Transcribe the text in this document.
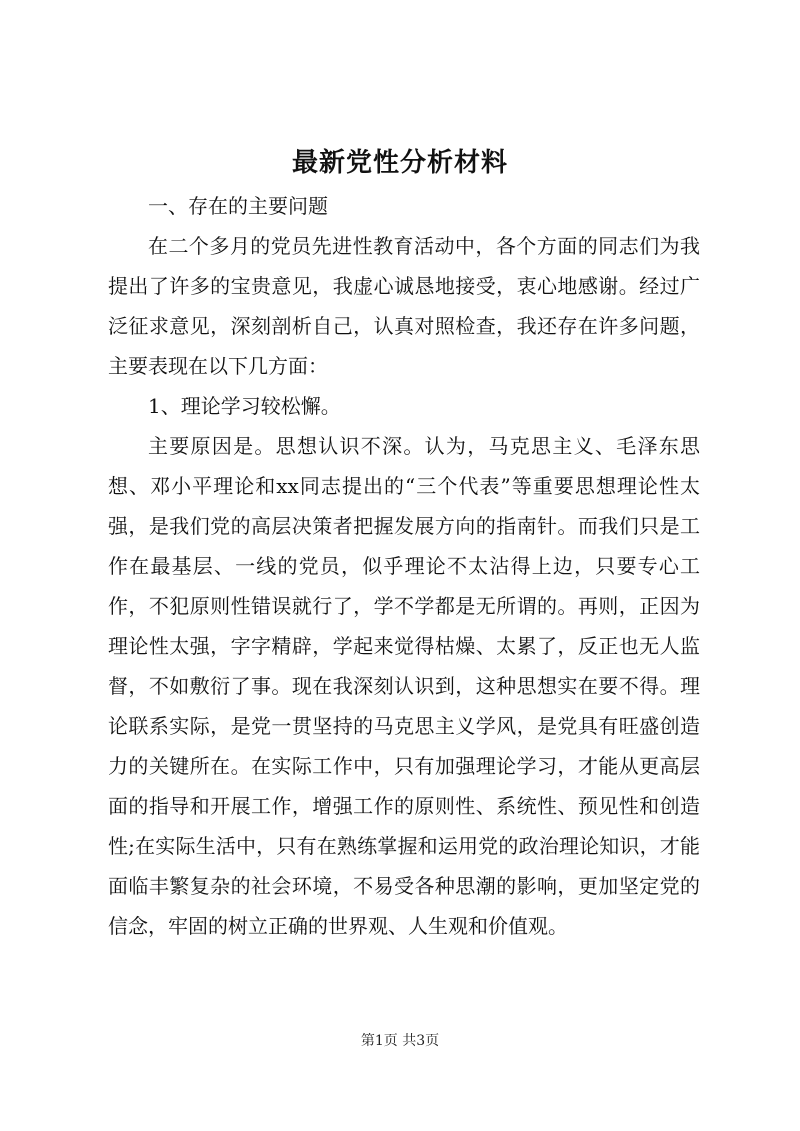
最新党性分析材料

一、存在的主要问题

在二个多月的党员先进性教育活动中，各个方面的同志们为我提出了许多的宝贵意见，我虚心诚恳地接受，衷心地感谢。经过广泛征求意见，深刻剖析自己，认真对照检查，我还存在许多问题，主要表现在以下几方面：

1、理论学习较松懈。

主要原因是。思想认识不深。认为，马克思主义、毛泽东思想、邓小平理论和xx同志提出的“三个代表”等重要思想理论性太强，是我们党的高层决策者把握发展方向的指南针。而我们只是工作在最基层、一线的党员，似乎理论不太沾得上边，只要专心工作，不犯原则性错误就行了，学不学都是无所谓的。再则，正因为理论性太强，字字精辟，学起来觉得枯燥、太累了，反正也无人监督，不如敷衍了事。现在我深刻认识到，这种思想实在要不得。理论联系实际，是党一贯坚持的马克思主义学风，是党具有旺盛创造力的关键所在。在实际工作中，只有加强理论学习，才能从更高层面的指导和开展工作，增强工作的原则性、系统性、预见性和创造性;在实际生活中，只有在熟练掌握和运用党的政治理论知识，才能面临丰繁复杂的社会环境，不易受各种思潮的影响，更加坚定党的信念，牢固的树立正确的世界观、人生观和价值观。

第1页 共3页
